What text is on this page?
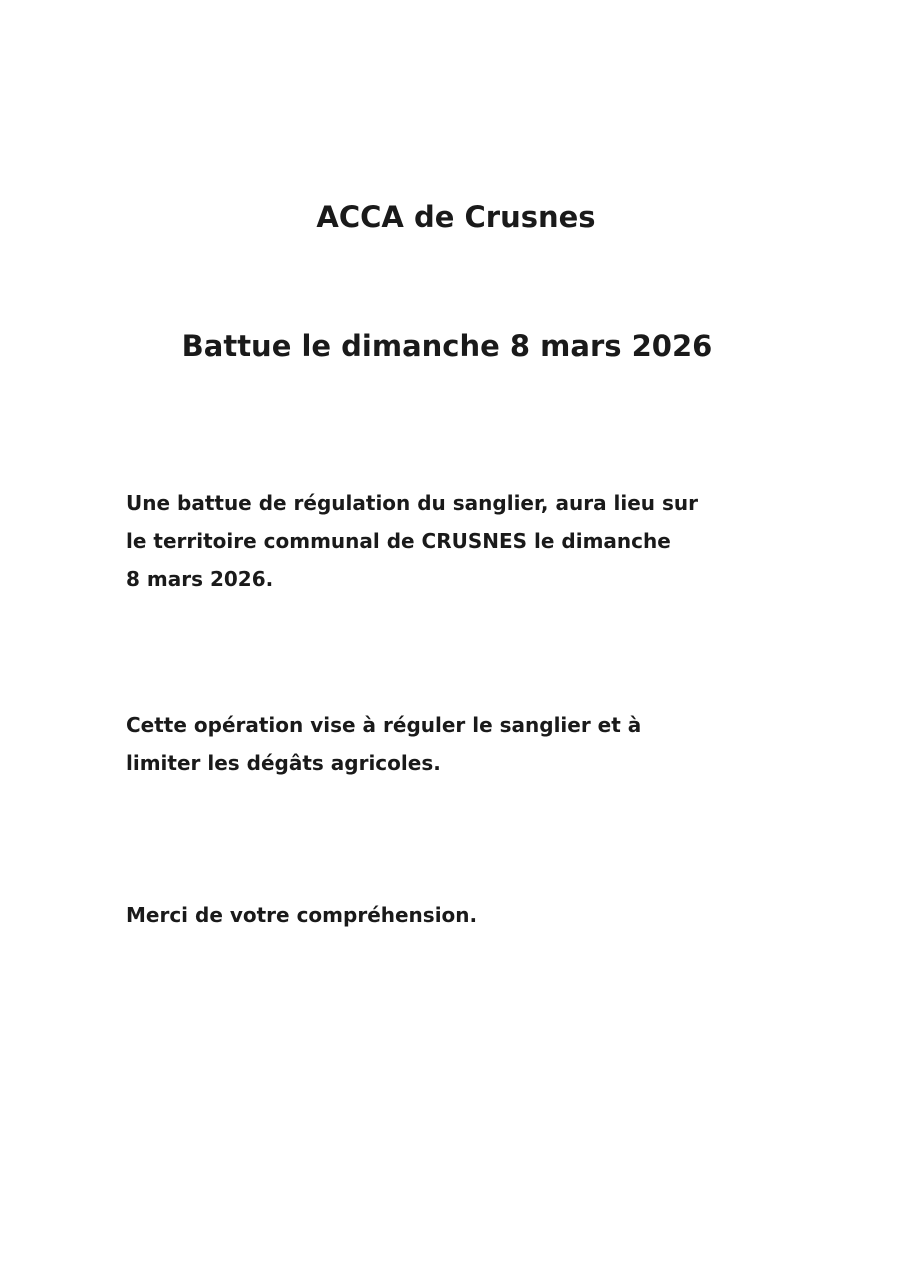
ACCA de Crusnes
Battue le dimanche 8 mars 2026

Une battue de régulation du sanglier, aura lieu sur
le territoire communal de CRUSNES le dimanche
8 mars 2026.

Cette opération vise à réguler le sanglier et à
limiter les dégâts agricoles.

Merci de votre compréhension.
